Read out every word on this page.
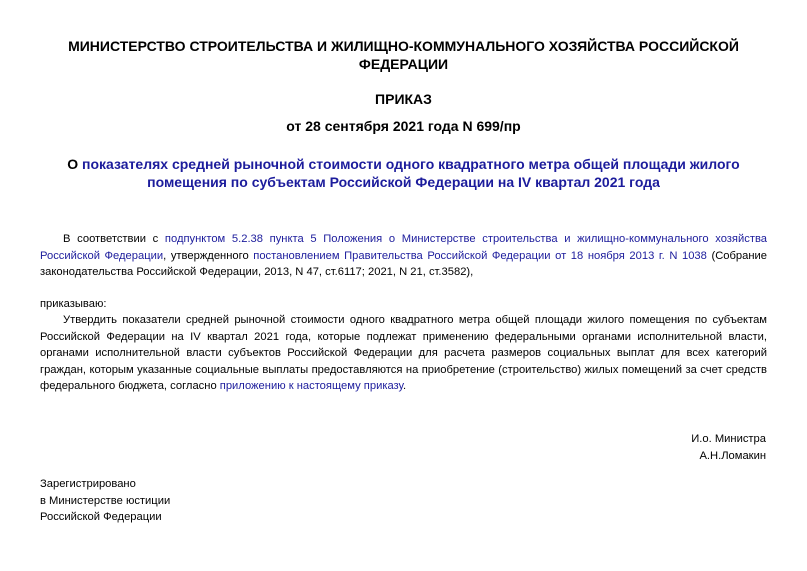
МИНИСТЕРСТВО СТРОИТЕЛЬСТВА И ЖИЛИЩНО-КОММУНАЛЬНОГО ХОЗЯЙСТВА РОССИЙСКОЙ ФЕДЕРАЦИИ
ПРИКАЗ
от 28 сентября 2021 года N 699/пр
О показателях средней рыночной стоимости одного квадратного метра общей площади жилого помещения по субъектам Российской Федерации на IV квартал 2021 года
В соответствии с подпунктом 5.2.38 пункта 5 Положения о Министерстве строительства и жилищно-коммунального хозяйства Российской Федерации, утвержденного постановлением Правительства Российской Федерации от 18 ноября 2013 г. N 1038 (Собрание законодательства Российской Федерации, 2013, N 47, ст.6117; 2021, N 21, ст.3582),
приказываю:
Утвердить показатели средней рыночной стоимости одного квадратного метра общей площади жилого помещения по субъектам Российской Федерации на IV квартал 2021 года, которые подлежат применению федеральными органами исполнительной власти, органами исполнительной власти субъектов Российской Федерации для расчета размеров социальных выплат для всех категорий граждан, которым указанные социальные выплаты предоставляются на приобретение (строительство) жилых помещений за счет средств федерального бюджета, согласно приложению к настоящему приказу.
И.о. Министра
А.Н.Ломакин
Зарегистрировано
в Министерстве юстиции
Российской Федерации
